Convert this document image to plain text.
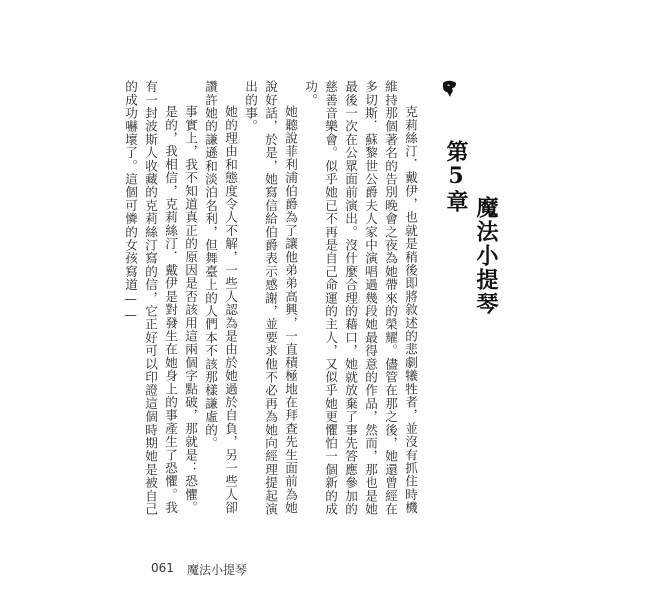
第5章
魔法小提琴

克莉絲汀．戴伊，也就是稍後即將敘述的悲劇犧牲者，並沒有抓住時機維持那個著名的告別晚會之夜為她帶來的榮耀。儘管在那之後，她還曾經在多切斯．蘇黎世公爵夫人家中演唱過幾段她最得意的作品，然而，那也是她最後一次在公眾面前演出。沒什麼合理的藉口，她就放棄了事先答應參加的慈善音樂會。似乎她已不再是自己命運的主人，又似乎她更懼怕一個新的成功。

她聽說菲利浦伯爵為了讓他弟弟高興，一直積極地在拜查先生面前為她說好話，於是，她寫信給伯爵表示感謝，並要求他不必再為她向經理提起演出的事。

她的理由和態度令人不解，一些人認為是由於她過於自負，另一些人卻讚許她的謙遜和淡泊名利，但舞臺上的人們本不該那樣謙虛的。

事實上，我不知道真正的原因是否該用這兩個字點破，那就是：恐懼。

是的，我相信，克莉絲汀．戴伊是對發生在她身上的事產生了恐懼。我有一封波斯人收藏的克莉絲汀寫的信，它正好可以印證這個時期她是被自己的成功嚇壞了。這個可憐的女孩寫道——

061 魔法小提琴
